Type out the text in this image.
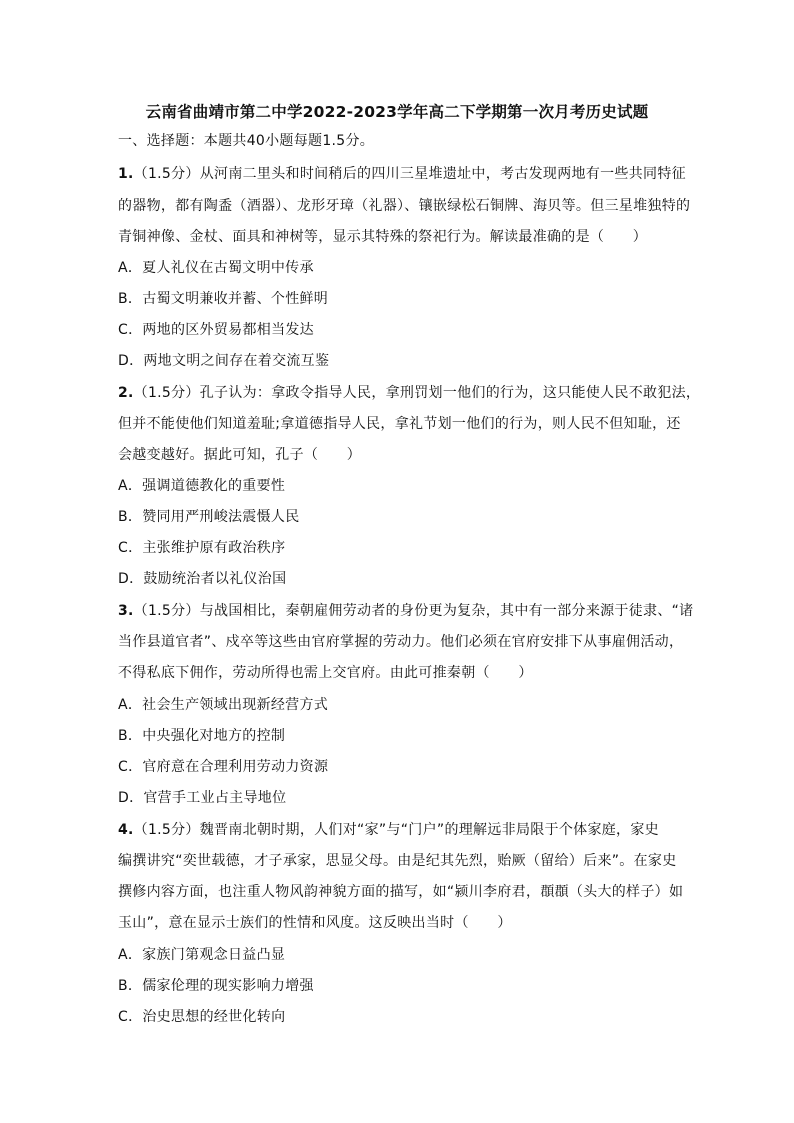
云南省曲靖市第二中学2022-2023学年高二下学期第一次月考历史试题
一、选择题：本题共40小题每题1.5分。
1.（1.5分）从河南二里头和时间稍后的四川三星堆遗址中，考古发现两地有一些共同特征
的器物，都有陶盉（酒器）、龙形牙璋（礼器）、镶嵌绿松石铜牌、海贝等。但三星堆独特的
青铜神像、金杖、面具和神树等，显示其特殊的祭祀行为。解读最准确的是（　　）
A．夏人礼仪在古蜀文明中传承
B．古蜀文明兼收并蓄、个性鲜明
C．两地的区外贸易都相当发达
D．两地文明之间存在着交流互鉴
2.（1.5分）孔子认为：拿政令指导人民，拿刑罚划一他们的行为，这只能使人民不敢犯法，
但并不能使他们知道羞耻;拿道德指导人民，拿礼节划一他们的行为，则人民不但知耻，还
会越变越好。据此可知，孔子（　　）
A．强调道德教化的重要性
B．赞同用严刑峻法震慑人民
C．主张维护原有政治秩序
D．鼓励统治者以礼仪治国
3.（1.5分）与战国相比，秦朝雇佣劳动者的身份更为复杂，其中有一部分来源于徒隶、“诸
当作县道官者”、戍卒等这些由官府掌握的劳动力。他们必须在官府安排下从事雇佣活动，
不得私底下佣作，劳动所得也需上交官府。由此可推秦朝（　　）
A．社会生产领域出现新经营方式
B．中央强化对地方的控制
C．官府意在合理利用劳动力资源
D．官营手工业占主导地位
4.（1.5分）魏晋南北朝时期，人们对“家”与“门户”的理解远非局限于个体家庭，家史
编撰讲究“奕世载德，才子承家，思显父母。由是纪其先烈，贻厥（留给）后来”。在家史
撰修内容方面，也注重人物风韵神貌方面的描写，如“颍川李府君，頵頵（头大的样子）如
玉山”，意在显示士族们的性情和风度。这反映出当时（　　）
A．家族门第观念日益凸显
B．儒家伦理的现实影响力增强
C．治史思想的经世化转向
